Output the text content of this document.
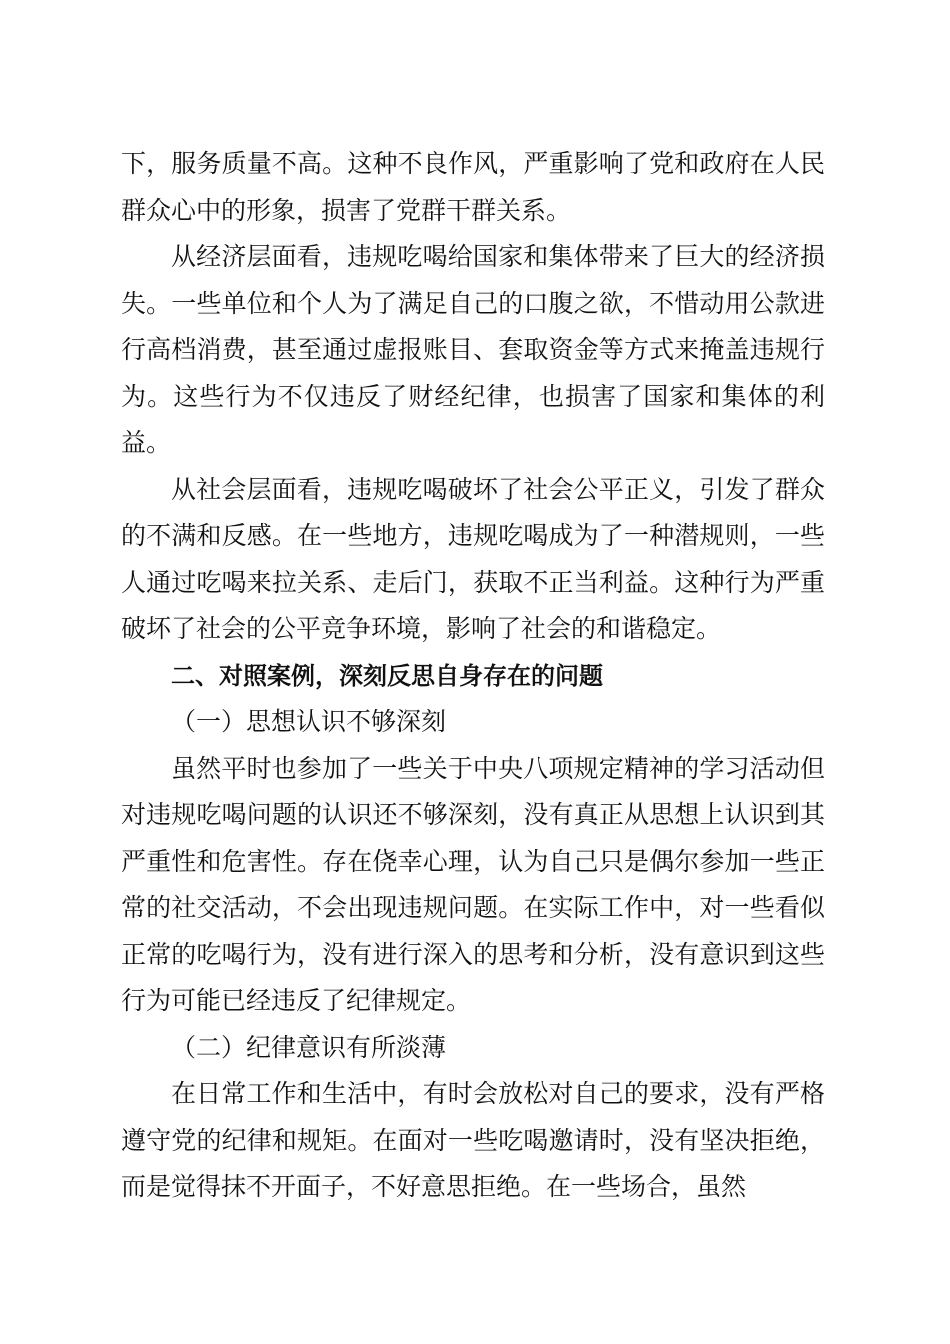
下，服务质量不高。这种不良作风，严重影响了党和政府在人民群众心中的形象，损害了党群干群关系。

从经济层面看，违规吃喝给国家和集体带来了巨大的经济损失。一些单位和个人为了满足自己的口腹之欲，不惜动用公款进行高档消费，甚至通过虚报账目、套取资金等方式来掩盖违规行为。这些行为不仅违反了财经纪律，也损害了国家和集体的利益。

从社会层面看，违规吃喝破坏了社会公平正义，引发了群众的不满和反感。在一些地方，违规吃喝成为了一种潜规则，一些人通过吃喝来拉关系、走后门，获取不正当利益。这种行为严重破坏了社会的公平竞争环境，影响了社会的和谐稳定。

二、对照案例，深刻反思自身存在的问题

（一）思想认识不够深刻

虽然平时也参加了一些关于中央八项规定精神的学习活动但对违规吃喝问题的认识还不够深刻，没有真正从思想上认识到其严重性和危害性。存在侥幸心理，认为自己只是偶尔参加一些正常的社交活动，不会出现违规问题。在实际工作中，对一些看似正常的吃喝行为，没有进行深入的思考和分析，没有意识到这些行为可能已经违反了纪律规定。

（二）纪律意识有所淡薄

在日常工作和生活中，有时会放松对自己的要求，没有严格遵守党的纪律和规矩。在面对一些吃喝邀请时，没有坚决拒绝，而是觉得抹不开面子，不好意思拒绝。在一些场合，虽然
